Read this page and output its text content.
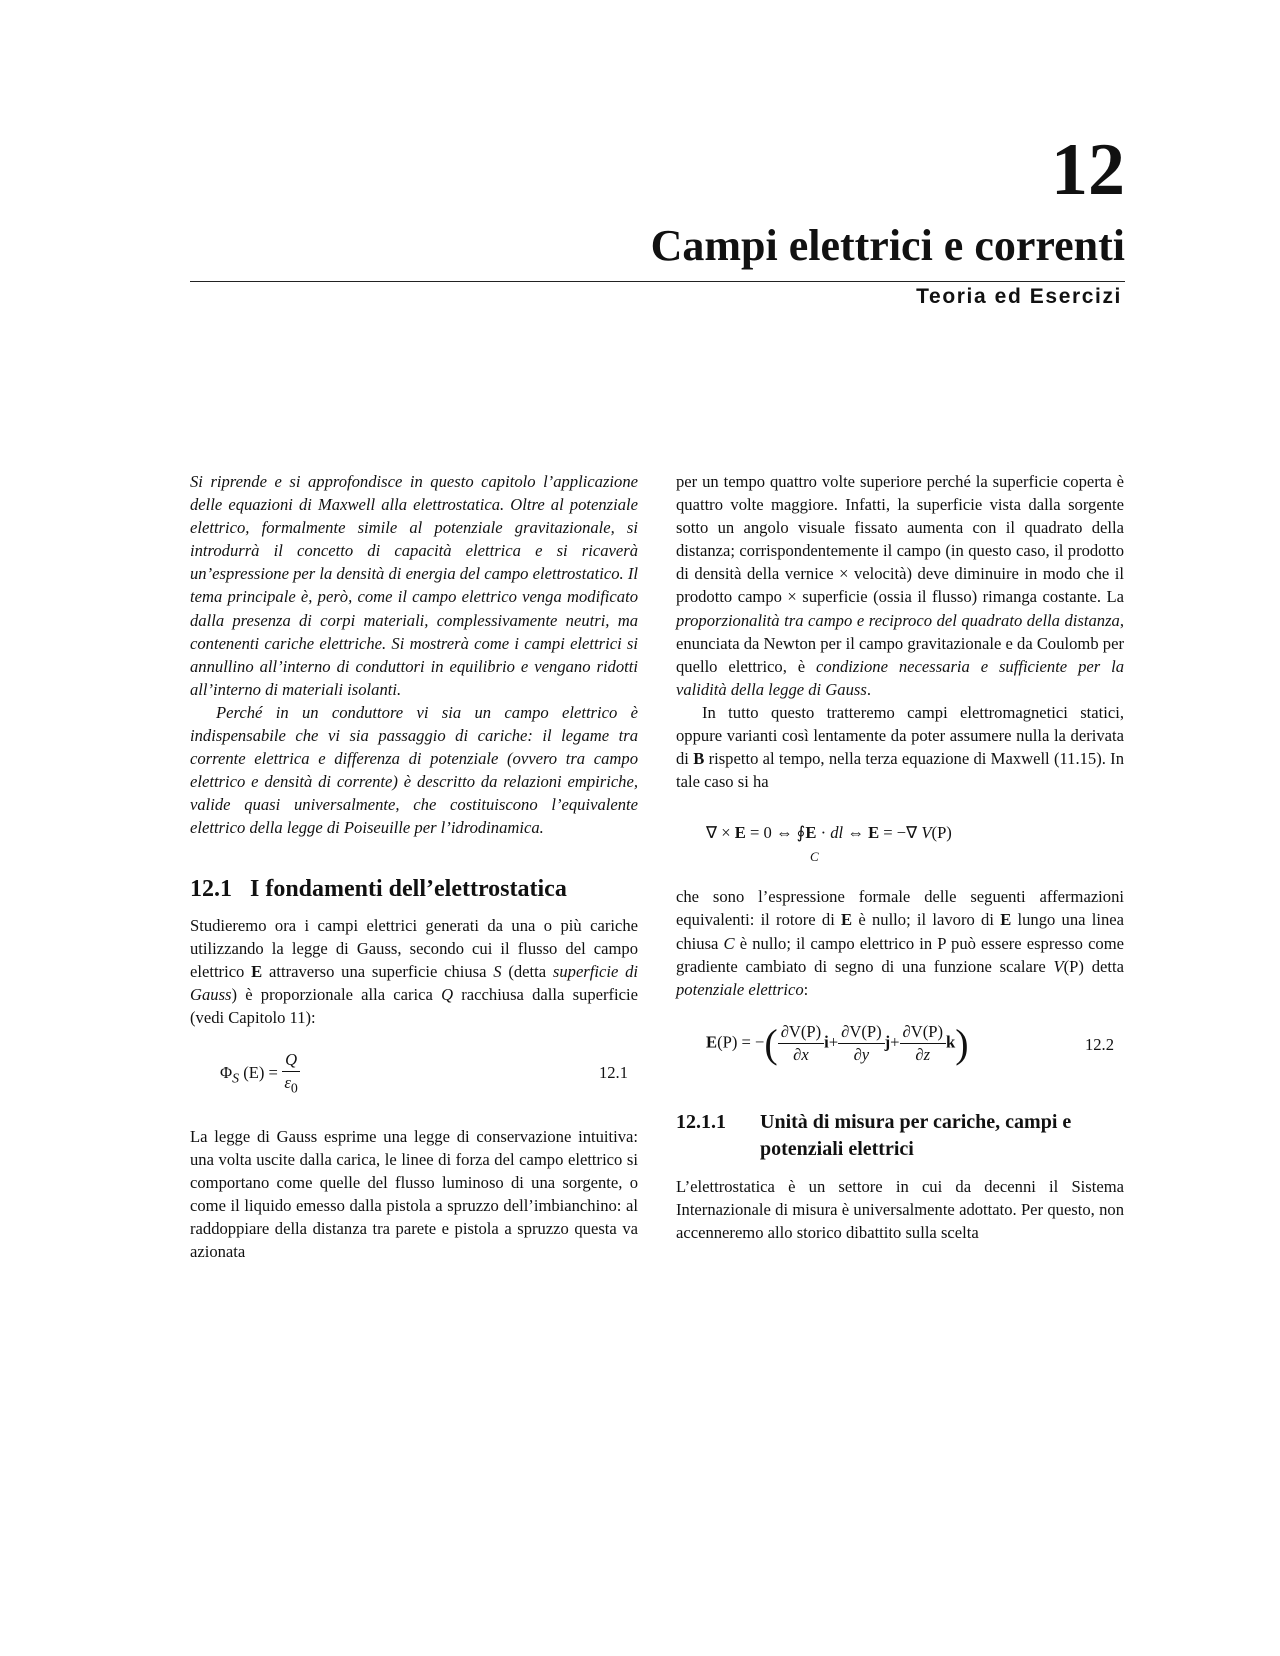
12
Campi elettrici e correnti
Teoria ed Esercizi

Si riprende e si approfondisce in questo capitolo l’applicazione delle equazioni di Maxwell alla elettrostatica. Oltre al potenziale elettrico, formalmente simile al potenziale gravitazionale, si introdurrà il concetto di capacità elettrica e si ricaverà un’espressione per la densità di energia del campo elettrostatico. Il tema principale è, però, come il campo elettrico venga modificato dalla presenza di corpi materiali, complessivamente neutri, ma contenenti cariche elettriche. Si mostrerà come i campi elettrici si annullino all’interno di conduttori in equilibrio e vengano ridotti all’interno di materiali isolanti.

Perché in un conduttore vi sia un campo elettrico è indispensabile che vi sia passaggio di cariche: il legame tra corrente elettrica e differenza di potenziale (ovvero tra campo elettrico e densità di corrente) è descritto da relazioni empiriche, valide quasi universalmente, che costituiscono l’equivalente elettrico della legge di Poiseuille per l’idrodinamica.

12.1 I fondamenti dell’elettrostatica

Studieremo ora i campi elettrici generati da una o più cariche utilizzando la legge di Gauss, secondo cui il flusso del campo elettrico E attraverso una superficie chiusa S (detta superficie di Gauss) è proporzionale alla carica Q racchiusa dalla superficie (vedi Capitolo 11):

$\Phi_S$ $(E) = \frac{Q}{\varepsilon_0}$	12.1

La legge di Gauss esprime una legge di conservazione intuitiva: una volta uscite dalla carica, le linee di forza del campo elettrico si comportano come quelle del flusso luminoso di una sorgente, o come il liquido emesso dalla pistola a spruzzo dell’imbianchino: al raddoppiare della distanza tra parete e pistola a spruzzo questa va azionata

per un tempo quattro volte superiore perché la superficie coperta è quattro volte maggiore. Infatti, la superficie vista dalla sorgente sotto un angolo visuale fissato aumenta con il quadrato della distanza; corrispondentemente il campo (in questo caso, il prodotto di densità della vernice × velocità) deve diminuire in modo che il prodotto campo × superficie (ossia il flusso) rimanga costante. La proporzionalità tra campo e reciproco del quadrato della distanza, enunciata da Newton per il campo gravitazionale e da Coulomb per quello elettrico, è condizione necessaria e sufficiente per la validità della legge di Gauss.

In tutto questo tratteremo campi elettromagnetici statici, oppure varianti così lentamente da poter assumere nulla la derivata di B rispetto al tempo, nella terza equazione di Maxwell (11.15). In tale caso si ha

∇ × E = 0 ⇔ ∮E · dl ⇔ E = −∇ V(P)
C

che sono l’espressione formale delle seguenti affermazioni equivalenti: il rotore di E è nullo; il lavoro di E lungo una linea chiusa C è nullo; il campo elettrico in P può essere espresso come gradiente cambiato di segno di una funzione scalare V(P) detta potenziale elettrico:

E(P) = −( $\frac{\partial V(P)}{\partial x} i+ \frac{\partial V(P)}{\partial y} j+ \frac{\partial V(P)}{\partial z} k$)	12.2
12.1.1	Unità di misura per cariche, campi e potenziali elettrici

L’elettrostatica è un settore in cui da decenni il Sistema Internazionale di misura è universalmente adottato. Per questo, non accenneremo allo storico dibattito sulla scelta
